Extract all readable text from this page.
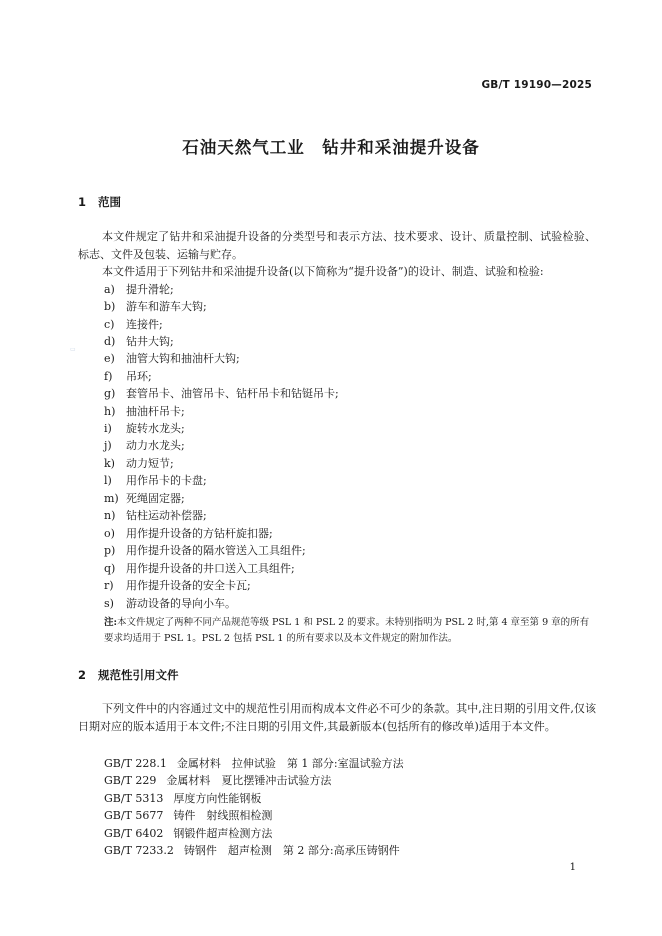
GB/T 19190—2025
石油天然气工业　钻井和采油提升设备
1 范围
本文件规定了钻井和采油提升设备的分类型号和表示方法、技术要求、设计、质量控制、试验检验、标志、文件及包装、运输与贮存。
本文件适用于下列钻井和采油提升设备(以下简称为“提升设备”)的设计、制造、试验和检验:
▭
a) 提升滑轮;
b) 游车和游车大钩;
c) 连接件;
d) 钻井大钩;
e) 油管大钩和抽油杆大钩;
f) 吊环;
g) 套管吊卡、油管吊卡、钻杆吊卡和钻铤吊卡;
h) 抽油杆吊卡;
i) 旋转水龙头;
j) 动力水龙头;
k) 动力短节;
l) 用作吊卡的卡盘;
m) 死绳固定器;
n) 钻柱运动补偿器;
o) 用作提升设备的方钻杆旋扣器;
p) 用作提升设备的隔水管送入工具组件;
q) 用作提升设备的井口送入工具组件;
r) 用作提升设备的安全卡瓦;
s) 游动设备的导向小车。
注:本文件规定了两种不同产品规范等级 PSL 1 和 PSL 2 的要求。未特别指明为 PSL 2 时,第 4 章至第 9 章的所有要求均适用于 PSL 1。PSL 2 包括 PSL 1 的所有要求以及本文件规定的附加作法。
2 规范性引用文件
下列文件中的内容通过文中的规范性引用而构成本文件必不可少的条款。其中,注日期的引用文件,仅该日期对应的版本适用于本文件;不注日期的引用文件,其最新版本(包括所有的修改单)适用于本文件。
GB/T 228.1 金属材料　拉伸试验　第 1 部分:室温试验方法
GB/T 229 金属材料　夏比摆锤冲击试验方法
GB/T 5313 厚度方向性能钢板
GB/T 5677 铸件　射线照相检测
GB/T 6402 钢锻件超声检测方法
GB/T 7233.2 铸钢件　超声检测　第 2 部分:高承压铸钢件
1
